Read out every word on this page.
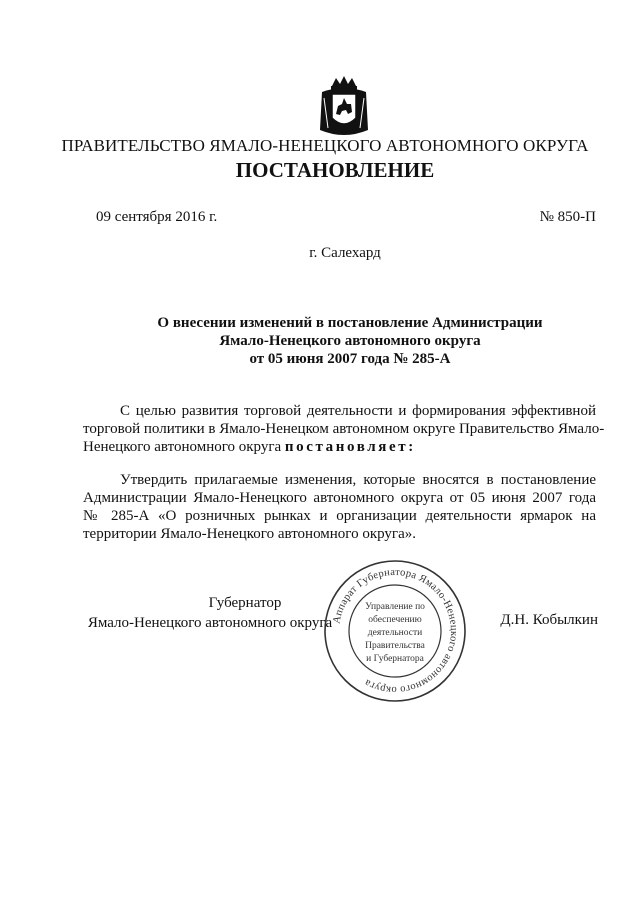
ПРАВИТЕЛЬСТВО ЯМАЛО-НЕНЕЦКОГО АВТОНОМНОГО ОКРУГА
ПОСТАНОВЛЕНИЕ
09 сентября 2016 г.	№ 850-П
г. Салехард
О внесении изменений в постановление Администрации
Ямало-Ненецкого автономного округа
от 05 июня 2007 года № 285-А
С целью развития торговой деятельности и формирования эффективной
торговой политики в Ямало-Ненецком автономном округе Правительство Ямало-
Ненецкого автономного округа постановляет:
Утвердить прилагаемые изменения, которые вносятся в постановление
Администрации Ямало-Ненецкого автономного округа от 05 июня 2007 года
№ 285-А «О розничных рынках и организации деятельности ярмарок на
территории Ямало-Ненецкого автономного округа».
Губернатор
Ямало-Ненецкого автономного округа	Д.Н. Кобылкин
Аппарат Губернатора Ямало-Ненецкого автономного округа
Управление по
обеспечению
деятельности
Правительства
и Губернатора
